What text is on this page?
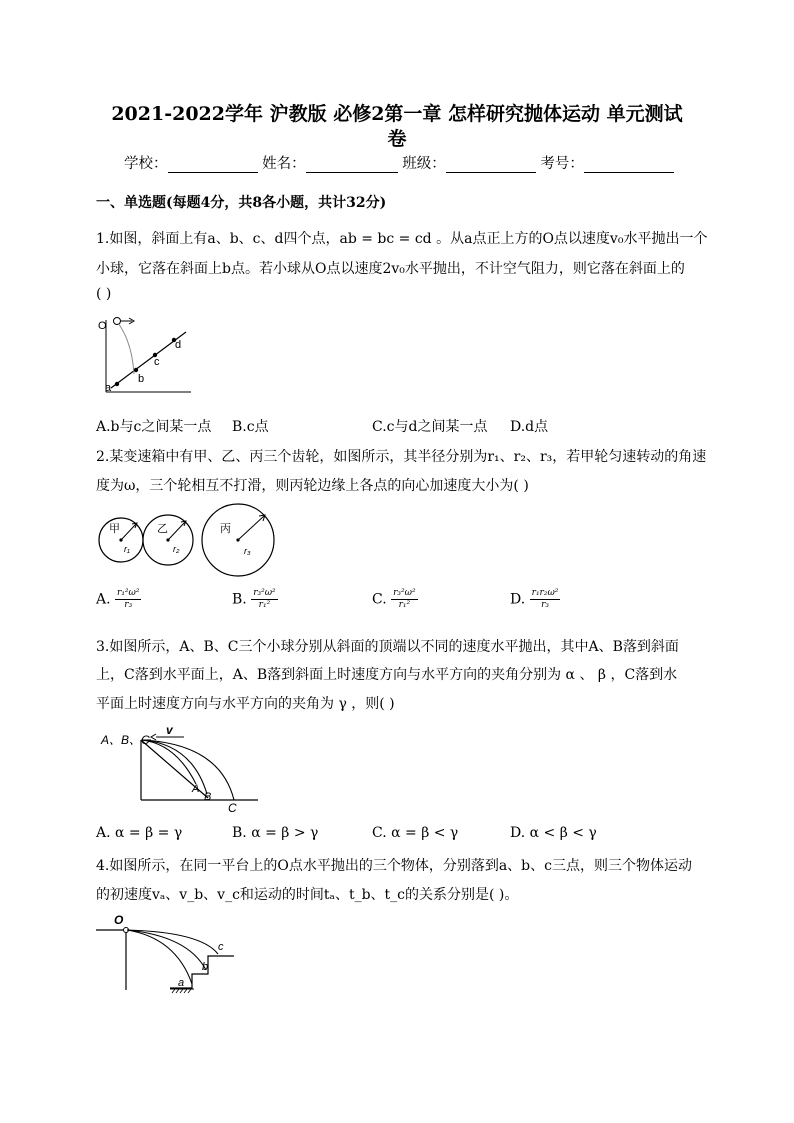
2021-2022学年 沪教版 必修2第一章 怎样研究抛体运动 单元测试
卷
学校：	姓名：	班级：	考号：
一、单选题(每题4分，共8各小题，共计32分)
1.如图，斜面上有a、b、c、d四个点，ab = bc = cd 。从a点正上方的O点以速度v₀水平抛出一个
小球，它落在斜面上b点。若小球从O点以速度2v₀水平抛出，不计空气阻力，则它落在斜面上的
( )
O
a
b
c
d
A.b与c之间某一点 B.c点	C.c与d之间某一点 D.d点
2.某变速箱中有甲、乙、丙三个齿轮，如图所示，其半径分别为r₁、r₂、r₃，若甲轮匀速转动的角速
度为ω，三个轮相互不打滑，则丙轮边缘上各点的向心加速度大小为( )
甲	乙	丙
r₁	r₂	r₃
A. $\frac{\text{r₁²ω²}}{\text{r₃}}$	B. $\frac{\text{r₃²ω²}}{\text{r₁²}}$	C. $\frac{\text{r₃²ω²}}{\text{r₁²}}$	D. $\frac{\text{r₁r₂ω²}}{\text{r₃}}$
3.如图所示，A、B、C三个小球分别从斜面的顶端以不同的速度水平抛出，其中A、B落到斜面
上，C落到水平面上，A、B落到斜面上时速度方向与水平方向的夹角分别为 α 、 β ，C落到水
平面上时速度方向与水平方向的夹角为 γ ，则( )
A、B、C
v
A
B
C
A. α = β = γ	B. α = β > γ	C. α = β < γ	D. α < β < γ
4.如图所示，在同一平台上的O点水平抛出的三个物体，分别落到a、b、c三点，则三个物体运动
的初速度vₐ、v_b、v_c和运动的时间tₐ、t_b、t_c的关系分别是( )。
O
a
b
c
